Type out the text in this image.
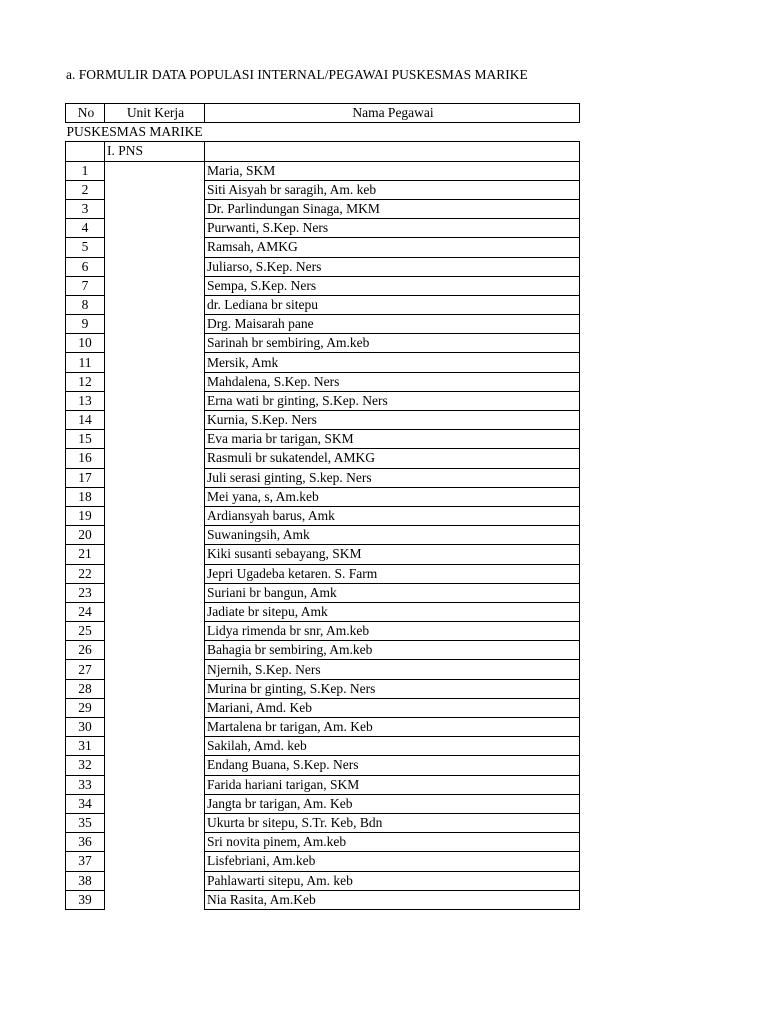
a. FORMULIR DATA POPULASI INTERNAL/PEGAWAI PUSKESMAS MARIKE
No	Unit Kerja	Nama Pegawai
PUSKESMAS MARIKE		
	I. PNS	
1		Maria, SKM
2		Siti Aisyah br saragih, Am. keb
3		Dr. Parlindungan Sinaga, MKM
4		Purwanti, S.Kep. Ners
5		Ramsah, AMKG
6		Juliarso, S.Kep. Ners
7		Sempa, S.Kep. Ners
8		dr. Lediana br sitepu
9		Drg. Maisarah pane
10		Sarinah br sembiring, Am.keb
11		Mersik, Amk
12		Mahdalena, S.Kep. Ners
13		Erna wati br ginting, S.Kep. Ners
14		Kurnia, S.Kep. Ners
15		Eva maria br tarigan, SKM
16		Rasmuli br sukatendel, AMKG
17		Juli serasi ginting, S.kep. Ners
18		Mei yana, s, Am.keb
19		Ardiansyah barus, Amk
20		Suwaningsih, Amk
21		Kiki susanti sebayang, SKM
22		Jepri Ugadeba ketaren. S. Farm
23		Suriani br bangun, Amk
24		Jadiate br sitepu, Amk
25		Lidya rimenda br snr, Am.keb
26		Bahagia br sembiring, Am.keb
27		Njernih, S.Kep. Ners
28		Murina br ginting, S.Kep. Ners
29		Mariani, Amd. Keb
30		Martalena br tarigan, Am. Keb
31		Sakilah, Amd. keb
32		Endang Buana, S.Kep. Ners
33		Farida hariani tarigan, SKM
34		Jangta br tarigan, Am. Keb
35		Ukurta br sitepu, S.Tr. Keb, Bdn
36		Sri novita pinem, Am.keb
37		Lisfebriani, Am.keb
38		Pahlawarti sitepu, Am. keb
39		Nia Rasita, Am.Keb
